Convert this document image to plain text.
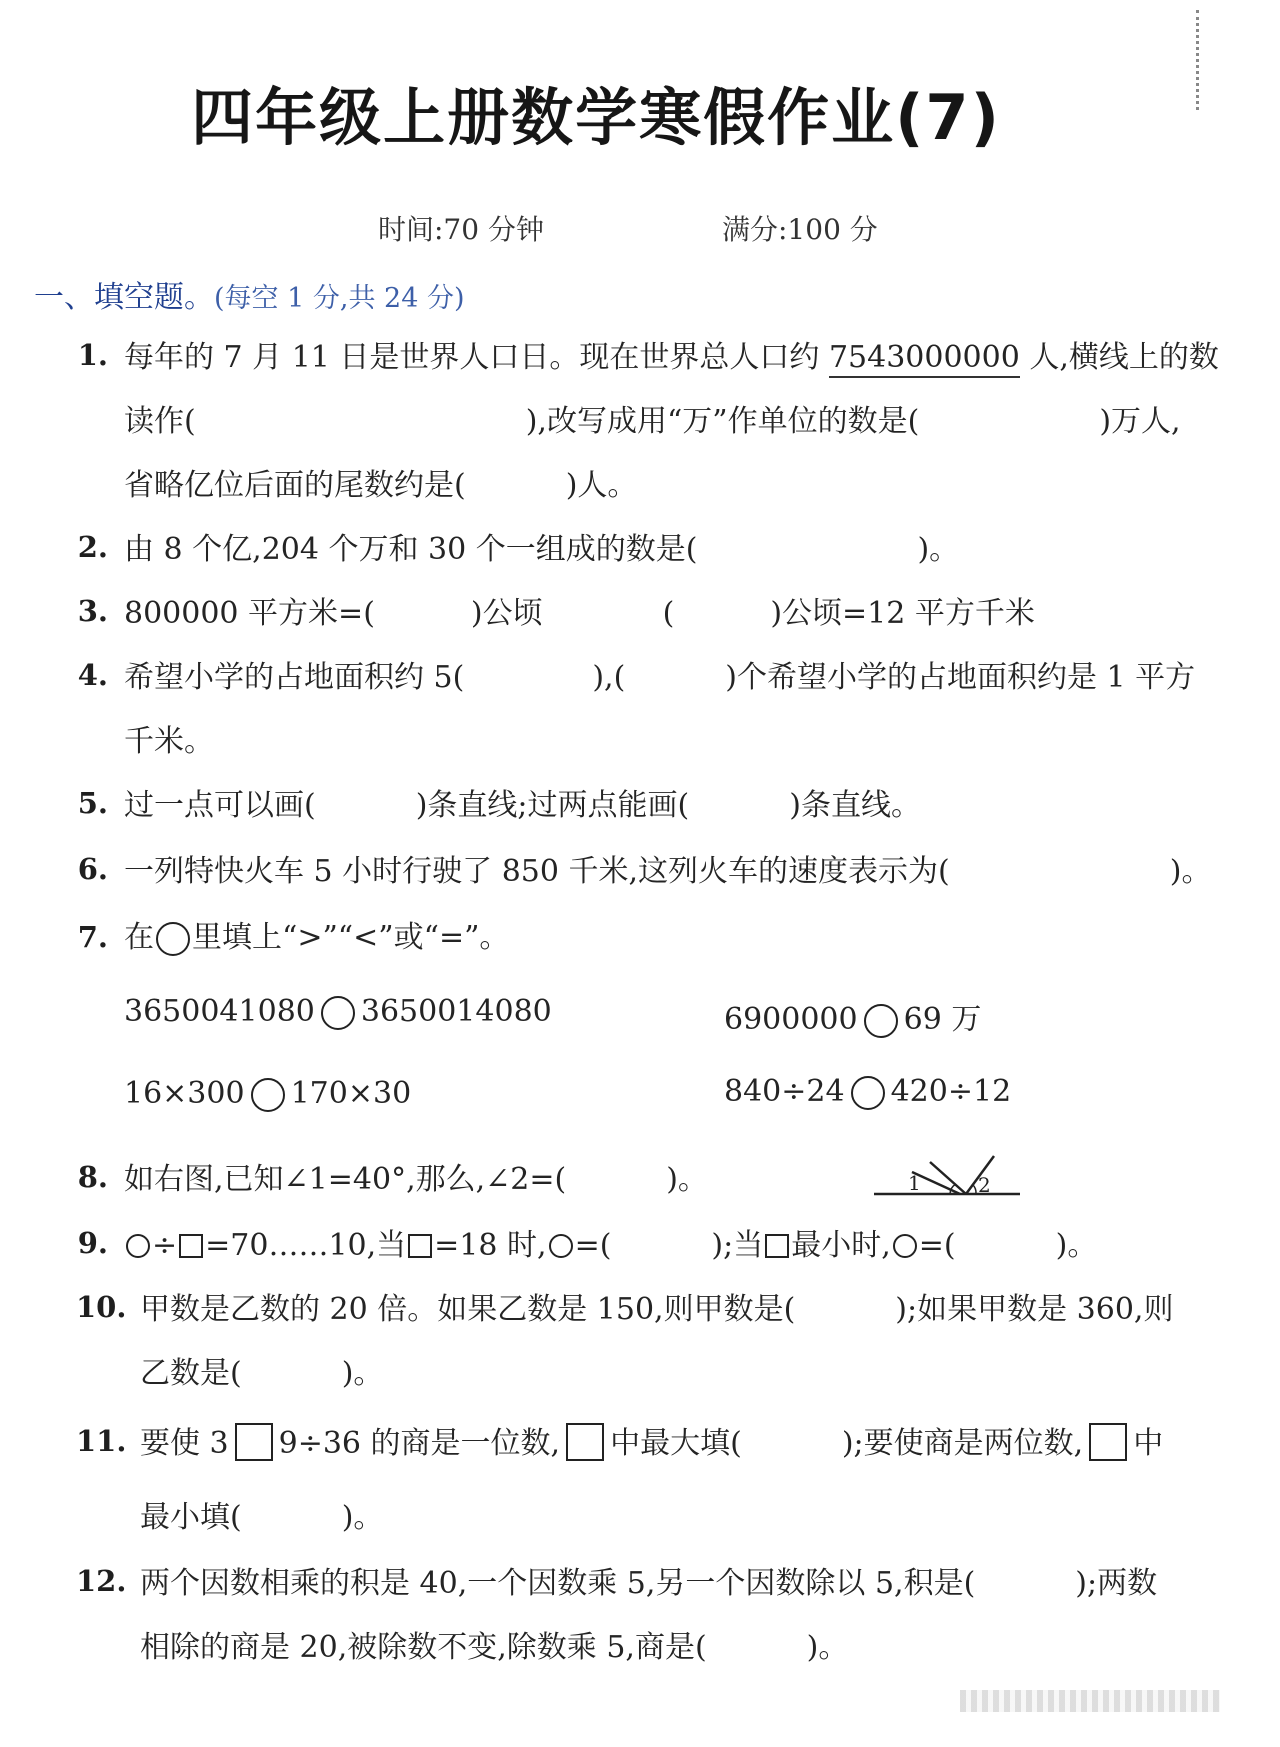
四年级上册数学寒假作业(7)
时间:70 分钟	满分:100 分
一、填空题。(每空 1 分,共 24 分)
1. 每年的 7 月 11 日是世界人口日。现在世界总人口约 7543000000 人,横线上的数
读作(	),改写成用“万”作单位的数是(	)万人,
省略亿位后面的尾数约是(	)人。
2. 由 8 个亿,204 个万和 30 个一组成的数是(	)。
3. 800000 平方米=(	)公顷	(	)公顷=12 平方千米
4. 希望小学的占地面积约 5(	),(	)个希望小学的占地面积约是 1 平方
千米。
5. 过一点可以画(	)条直线;过两点能画(	)条直线。
6. 一列特快火车 5 小时行驶了 850 千米,这列火车的速度表示为(	)。
7. 在 里填上“>”“<”或“=”。
3650041080 3650014080	6900000 69 万
16×300 170×30	840÷24 420÷12
8. 如右图,已知∠1=40°,那么,∠2=(	)。	1	2
9.	÷ =70……10,当 =18 时, =(	);当 最小时, =(	)。
10. 甲数是乙数的 20 倍。如果乙数是 150,则甲数是(	);如果甲数是 360,则
乙数是(	)。
11. 要使 3 9÷36 的商是一位数, 中最大填(	);要使商是两位数, 中
最小填(	)。
12. 两个因数相乘的积是 40,一个因数乘 5,另一个因数除以 5,积是(	);两数
相除的商是 20,被除数不变,除数乘 5,商是(	)。
